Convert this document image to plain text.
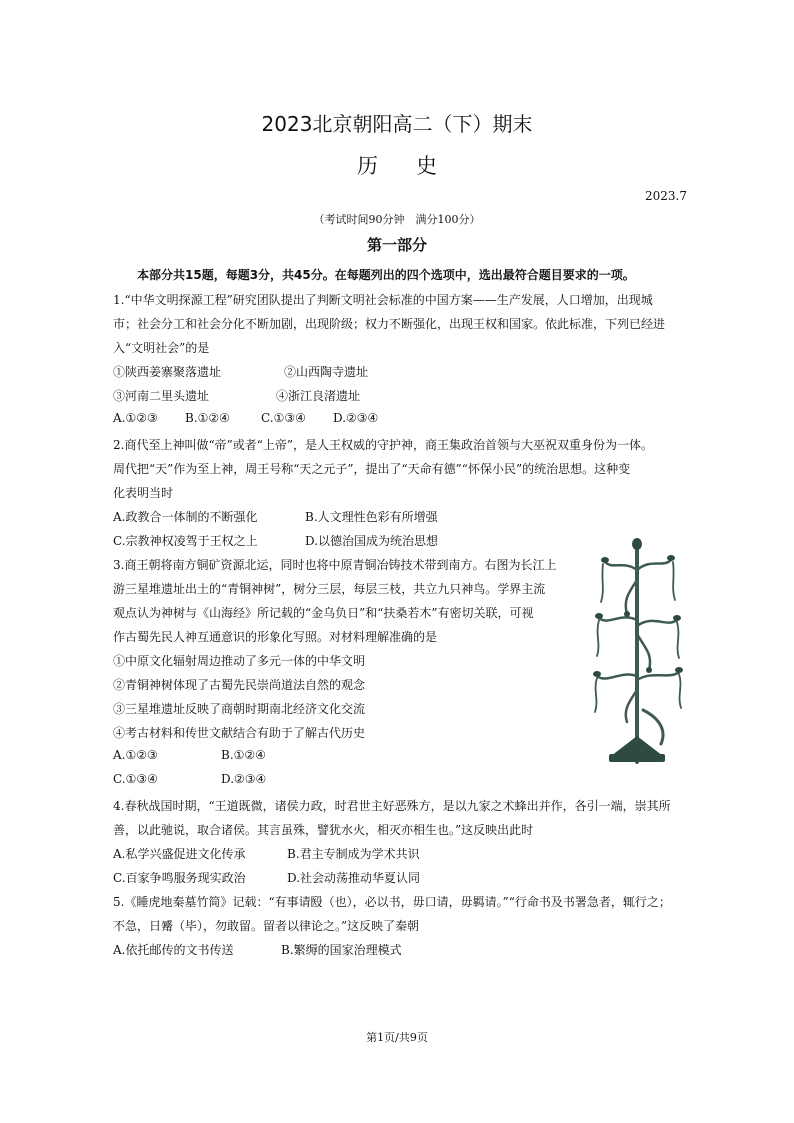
2023北京朝阳高二（下）期末
历史
2023.7
（考试时间90分钟　满分100分）
第一部分
本部分共15题，每题3分，共45分。在每题列出的四个选项中，选出最符合题目要求的一项。
1.“中华文明探源工程”研究团队提出了判断文明社会标准的中国方案——生产发展，人口增加，出现城
市；社会分工和社会分化不断加剧，出现阶级；权力不断强化，出现王权和国家。依此标准，下列已经进
入“文明社会”的是
①陕西姜寨聚落遗址	②山西陶寺遗址
③河南二里头遗址	④浙江良渚遗址
A.①②③ B.①②④	C.①③④ D.②③④
2.商代至上神叫做“帝”或者“上帝”，是人王权威的守护神，商王集政治首领与大巫祝双重身份为一体。
周代把“天”作为至上神，周王号称“天之元子”，提出了“天命有德”“怀保小民”的统治思想。这种变
化表明当时
A.政教合一体制的不断强化	B.人文理性色彩有所增强
C.宗教神权凌驾于王权之上	D.以德治国成为统治思想
3.商王朝将南方铜矿资源北运，同时也将中原青铜冶铸技术带到南方。右图为长江上
游三星堆遗址出土的“青铜神树”，树分三层，每层三枝，共立九只神鸟。学界主流
观点认为神树与《山海经》所记载的“金乌负日”和“扶桑若木”有密切关联，可视
作古蜀先民人神互通意识的形象化写照。对材料理解准确的是
①中原文化辐射周边推动了多元一体的中华文明
②青铜神树体现了古蜀先民崇尚道法自然的观念
③三星堆遗址反映了商朝时期南北经济文化交流
④考古材料和传世文献结合有助于了解古代历史
A.①②③	B.①②④
C.①③④	D.②③④
4.春秋战国时期，“王道既微，诸侯力政，时君世主好恶殊方，是以九家之术蜂出并作，各引一端，崇其所
善，以此驰说，取合诸侯。其言虽殊，譬犹水火，相灭亦相生也。”这反映出此时
A.私学兴盛促进文化传承	B.君主专制成为学术共识
C.百家争鸣服务现实政治	D.社会动荡推动华夏认同
5.《睡虎地秦墓竹简》记载：“有事请殹（也），必以书，毋口请，毋羁请。”“行命书及书署急者，辄行之；
不急，日觱（毕），勿敢留。留者以律论之。”这反映了秦朝
A.依托邮传的文书传送	B.繁缛的国家治理模式
第1页/共9页
